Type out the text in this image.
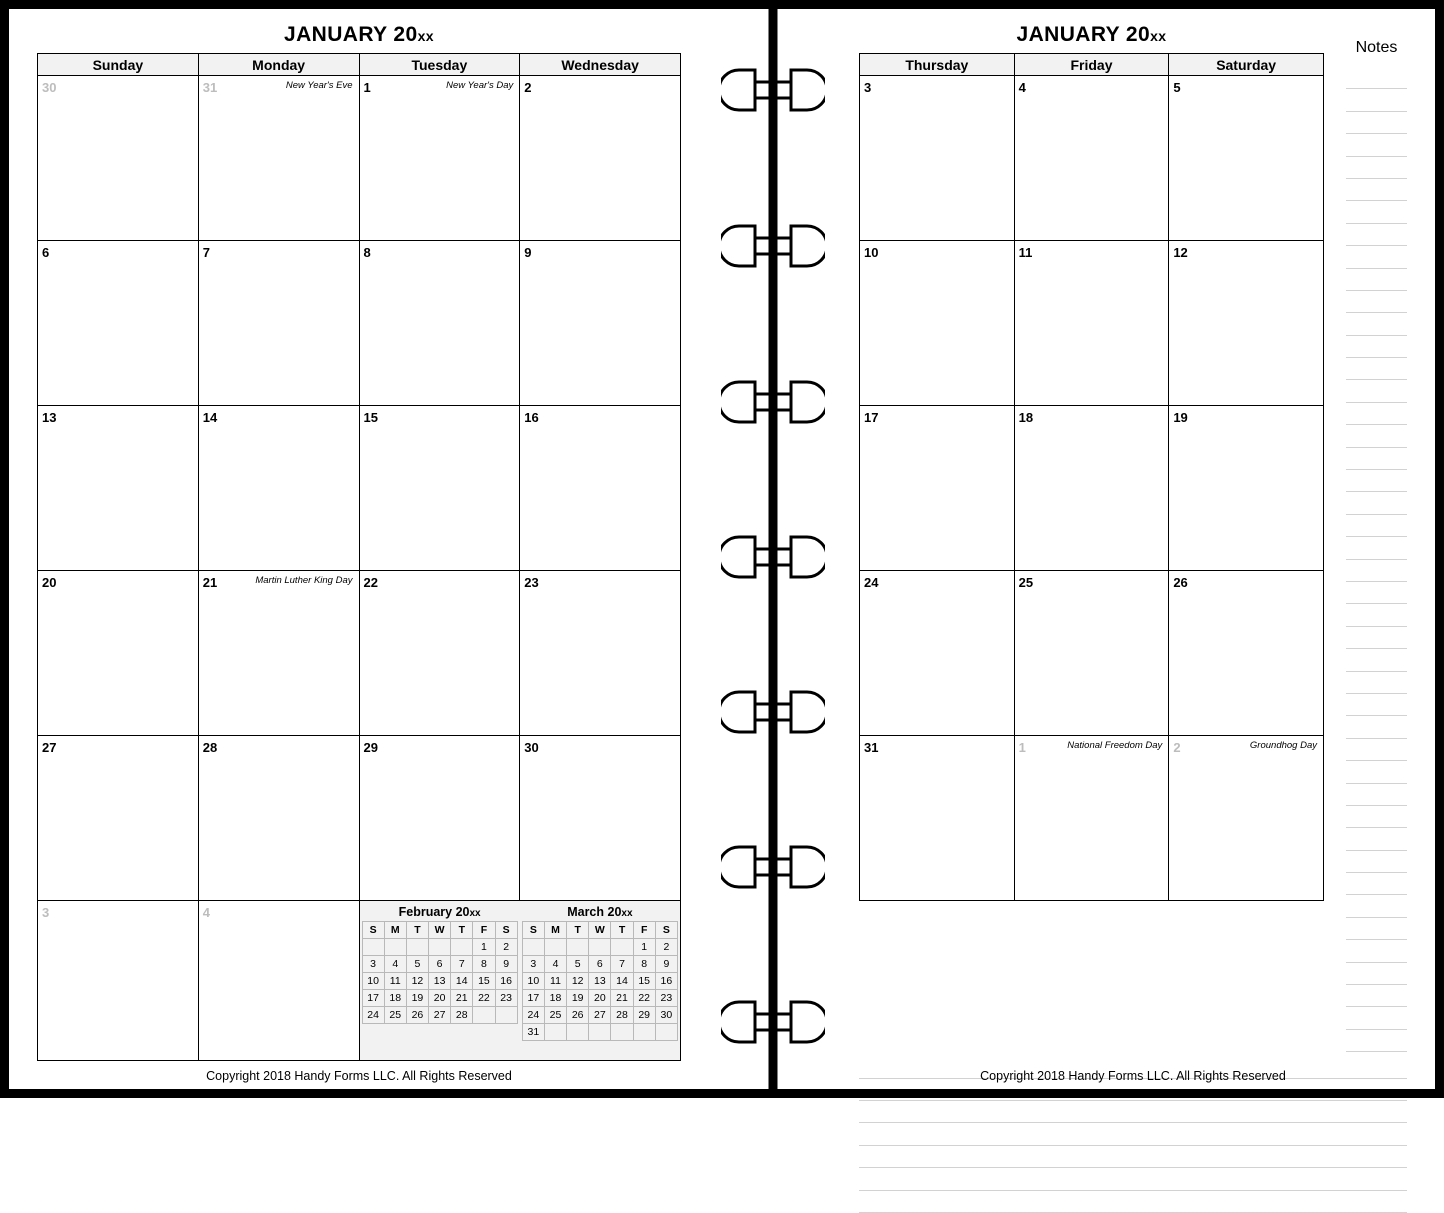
JANUARY 20xx
Sunday	Monday	Tuesday	Wednesday
30	31	New Year's Eve	1	New Year's Day	2

6	7	8	9

13	14	15	16

20	21	Martin Luther King Day	22	23

27	28	29	30

3	4	February 20xx
S	M	T	W	T	F	S
					1	2
3	4	5	6	7	8	9
10	11	12	13	14	15	16
17	18	19	20	21	22	23
24	25	26	27	28		
March 20xx
S	M	T	W	T	F	S
					1	2
3	4	5	6	7	8	9
10	11	12	13	14	15	16
17	18	19	20	21	22	23
24	25	26	27	28	29	30
31						
Copyright 2018 Handy Forms LLC. All Rights Reserved
JANUARY 20xx
Thursday	Friday	Saturday
3	4	5

10	11	12

17	18	19

24	25	26

31	1 National Freedom Day	2 Groundhog Day
Notes
Copyright 2018 Handy Forms LLC. All Rights Reserved
